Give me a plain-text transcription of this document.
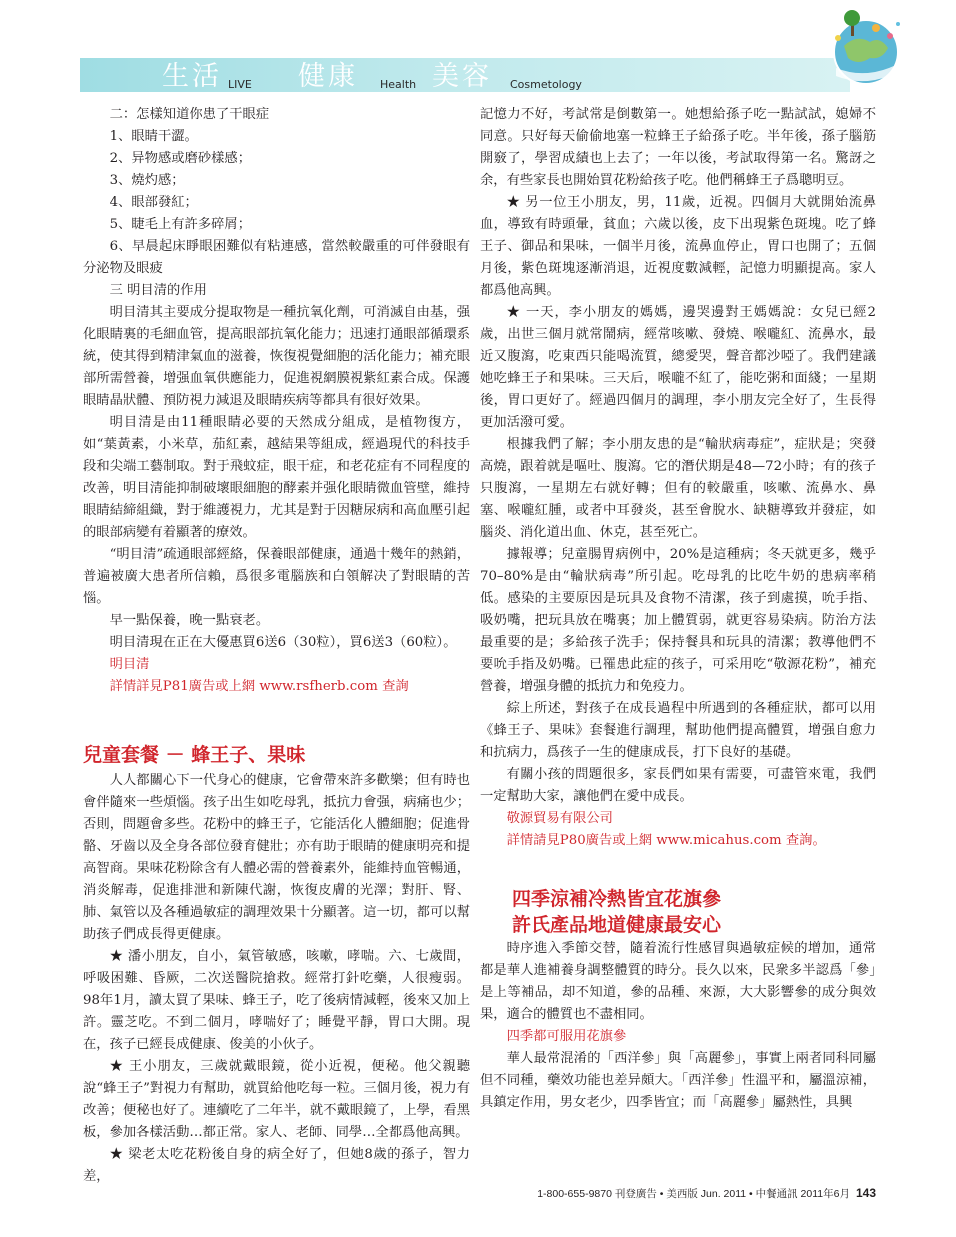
生活 LIVE 健康 Health 美容 Cosmetology

二：怎樣知道你患了干眼症

1、眼睛干澀。

2、异物感或磨砂樣感；

3、燒灼感；

4、眼部發紅；

5、睫毛上有許多碎屑；

6、早晨起床睜眼困難似有粘連感，當然較嚴重的可伴發眼有分泌物及眼疲

三 明目清的作用

明目清其主要成分提取物是一種抗氧化劑，可消滅自由基，强化眼睛裏的毛細血管，提高眼部抗氧化能力；迅速打通眼部循環系統，使其得到精津氣血的滋養，恢復視覺細胞的活化能力；補充眼部所需營養，增强血氧供應能力，促進視網膜視紫紅素合成。保護眼睛晶狀體、預防視力減退及眼睛疾病等都具有很好效果。

明目清是由11種眼睛必要的天然成分組成，是植物復方，如“葉黃素，小米草，茄紅素，越結果等組成，經過現代的科技手段和尖端工藝制取。對于飛蚊症，眼干症，和老花症有不同程度的改善，明目清能抑制破壞眼細胞的酵素并强化眼睛微血管壁，維持眼睛結締組織，對于維護視力，尤其是對于因糖尿病和高血壓引起的眼部病變有着顯著的療效。

“明目清”疏通眼部經絡，保養眼部健康，通過十幾年的熱銷，普遍被廣大患者所信賴，爲很多電腦族和白領解决了對眼睛的苦惱。

早一點保養，晚一點衰老。

明目清現在正在大優惠買6送6（30粒），買6送3（60粒）。

明目清

詳情詳見P81廣告或上網 www.rsfherb.com 查詢

兒童套餐 － 蜂王子、果味

人人都關心下一代身心的健康，它會帶來許多歡樂；但有時也會伴隨來一些煩惱。孩子出生如吃母乳，抵抗力會强，病痛也少；否則，問題會多些。花粉中的蜂王子，它能活化人體細胞；促進骨骼、牙齒以及全身各部位發育健壯；亦有助于眼睛的健康明亮和提高智商。果味花粉除含有人體必需的營養素外，能維持血管暢通，消炎解毒，促進排泄和新陳代謝，恢復皮膚的光澤；對肝、腎、肺、氣管以及各種過敏症的調理效果十分顯著。這一切，都可以幫助孩子們成長得更健康。

★ 潘小朋友，自小，氣管敏感，咳嗽，哮喘。六、七歲間，呼吸困難、昏厥，二次送醫院搶救。經常打針吃藥，人很瘦弱。98年1月，讀太買了果味、蜂王子，吃了後病情減輕，後來又加上許。靈芝吃。不到二個月，哮喘好了；睡覺平靜，胃口大開。現在，孩子已經長成健康、俊美的小伙子。

★ 王小朋友，三歲就戴眼鏡，從小近視，便秘。他父親聽說“蜂王子”對視力有幫助，就買給他吃每一粒。三個月後，視力有改善；便秘也好了。連續吃了二年半，就不戴眼鏡了，上學，看黑板，參加各樣活動…都正常。家人、老師、同學…全都爲他高興。

★ 梁老太吃花粉後自身的病全好了，但她8歲的孫子，智力差，

記憶力不好，考試常是倒數第一。她想給孫子吃一點試試，媳婦不同意。只好每天偷偷地塞一粒蜂王子給孫子吃。半年後，孫子腦筋開竅了，學習成績也上去了；一年以後，考試取得第一名。驚訝之余，有些家長也開始買花粉給孩子吃。他們稱蜂王子爲聰明豆。

★ 另一位王小朋友，男，11歲，近視。四個月大就開始流鼻血，導致有時頭暈，貧血；六歲以後，皮下出現紫色斑塊。吃了蜂王子、御品和果味，一個半月後，流鼻血停止，胃口也開了；五個月後，紫色斑塊逐漸消退，近視度數減輕，記憶力明顯提高。家人都爲他高興。

★ 一天，李小朋友的媽媽，邊哭邊對王媽媽說：女兒已經2歲，出世三個月就常鬧病，經常咳嗽、發燒、喉嚨紅、流鼻水，最近又腹瀉，吃東西只能喝流質，總愛哭，聲音都沙啞了。我們建議她吃蜂王子和果味。三天后，喉嚨不紅了，能吃粥和面綫；一星期後，胃口更好了。經過四個月的調理，李小朋友完全好了，生長得更加活潑可愛。

根據我們了解；李小朋友患的是“輪狀病毒症”，症狀是；突發高燒，跟着就是嘔吐、腹瀉。它的潛伏期是48—72小時；有的孩子只腹瀉，一星期左右就好轉；但有的較嚴重，咳嗽、流鼻水、鼻塞、喉嚨紅腫，或者中耳發炎，甚至會脫水、缺糖導致并發症，如腦炎、消化道出血、休克，甚至死亡。

據報導；兒童腸胃病例中，20%是這種病；冬天就更多，幾乎70–80%是由“輪狀病毒”所引起。吃母乳的比吃牛奶的患病率稍低。感染的主要原因是玩具及食物不清潔，孩子到處摸，吮手指、吸奶嘴，把玩具放在嘴裏；加上體質弱，就更容易染病。防治方法最重要的是；多給孩子洗手；保持餐具和玩具的清潔；教導他們不要吮手指及奶嘴。已罹患此症的孩子，可采用吃“敬源花粉”，補充營養，增强身體的抵抗力和免疫力。

綜上所述，對孩子在成長過程中所遇到的各種症狀，都可以用《蜂王子、果味》套餐進行調理，幫助他們提高體質，增强自愈力和抗病力，爲孩子一生的健康成長，打下良好的基礎。

有關小孩的問題很多，家長們如果有需要，可盡管來電，我們一定幫助大家，讓他們在愛中成長。

敬源貿易有限公司

詳情請見P80廣告或上網 www.micahus.com 查詢。

四季涼補冷熱皆宜花旗參

許氏產品地道健康最安心

時序進入季節交替，隨着流行性感冒與過敏症候的增加，通常都是華人進補養身調整體質的時分。長久以來，民衆多半認爲「參」是上等補品，却不知道，參的品種、來源，大大影響參的成分與效果，適合的體質也不盡相同。

四季都可服用花旗參

華人最常混淆的「西洋參」與「高麗參」，事實上兩者同科同屬但不同種，藥效功能也差异頗大。「西洋參」性溫平和，屬溫涼補，具鎮定作用，男女老少，四季皆宜；而「高麗參」屬熱性，具興

1-800-655-9870 刊登廣告 • 美西版 Jun. 2011 • 中餐通訊 2011年6月 143
